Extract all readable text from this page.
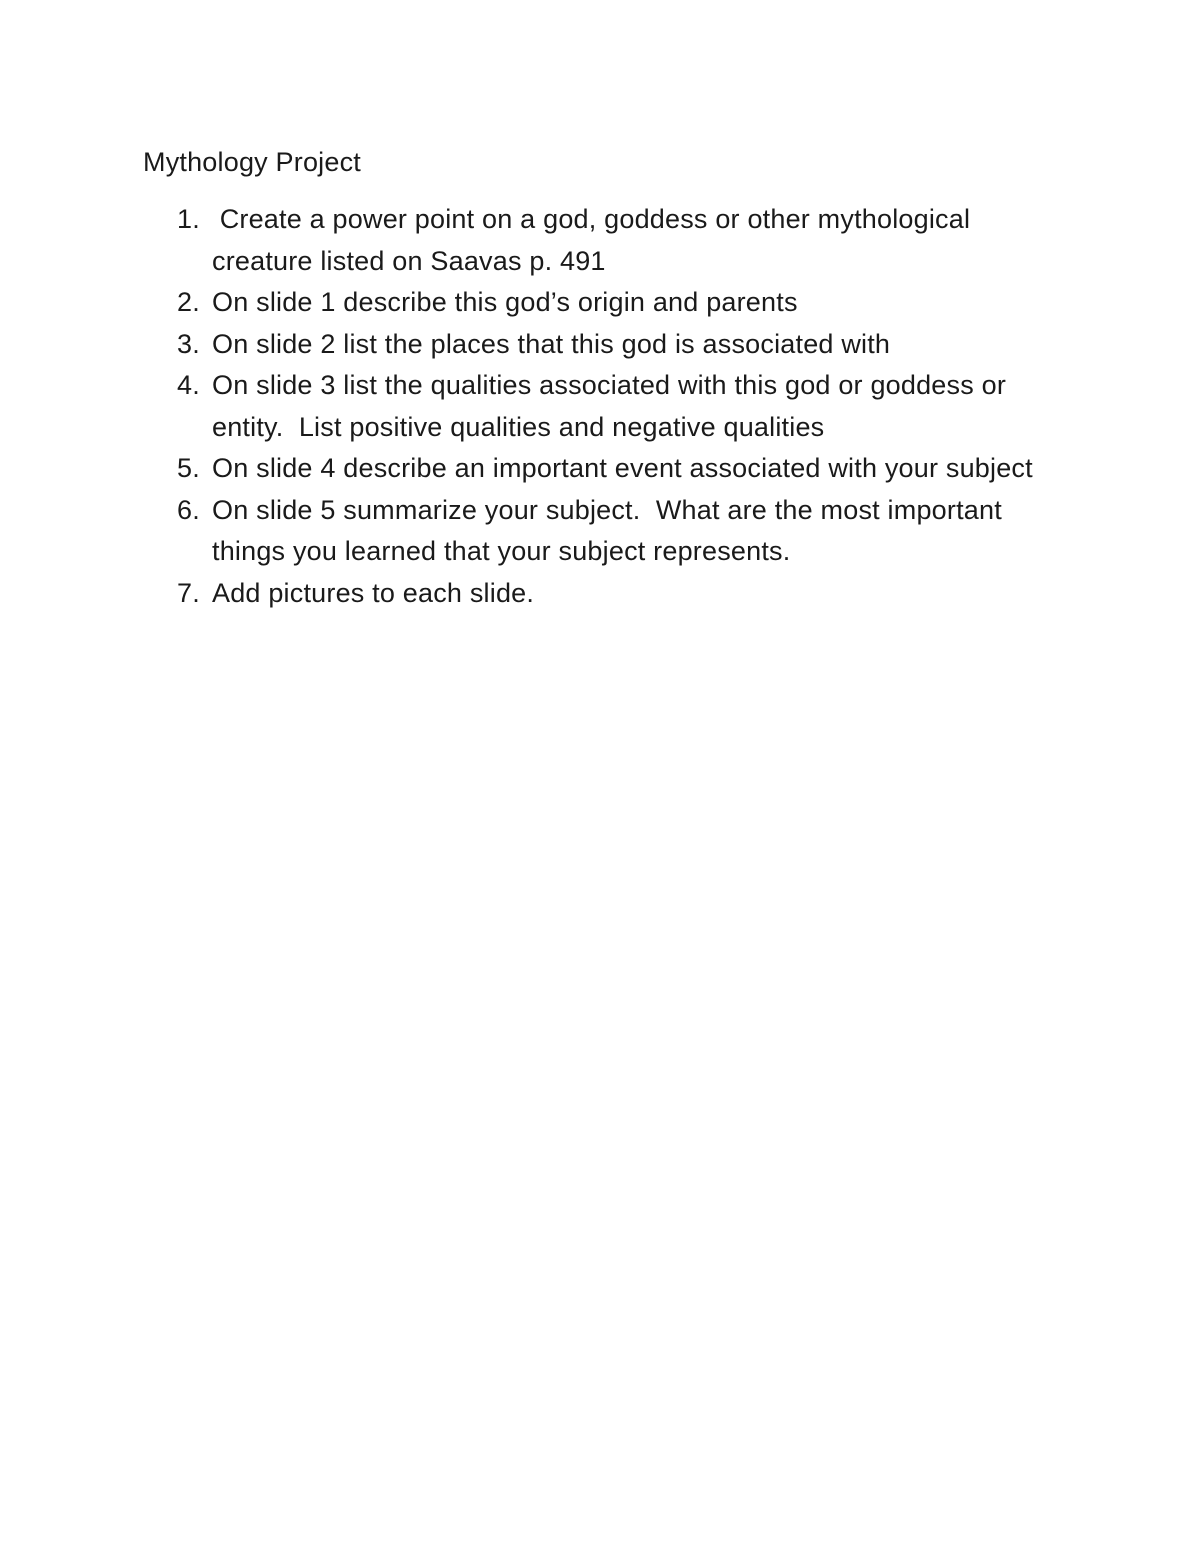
Mythology Project
1. Create a power point on a god, goddess or other mythological creature listed on Saavas p. 491
2. On slide 1 describe this god’s origin and parents
3. On slide 2 list the places that this god is associated with
4. On slide 3 list the qualities associated with this god or goddess or entity.  List positive qualities and negative qualities
5. On slide 4 describe an important event associated with your subject
6. On slide 5 summarize your subject.  What are the most important things you learned that your subject represents.
7. Add pictures to each slide.
